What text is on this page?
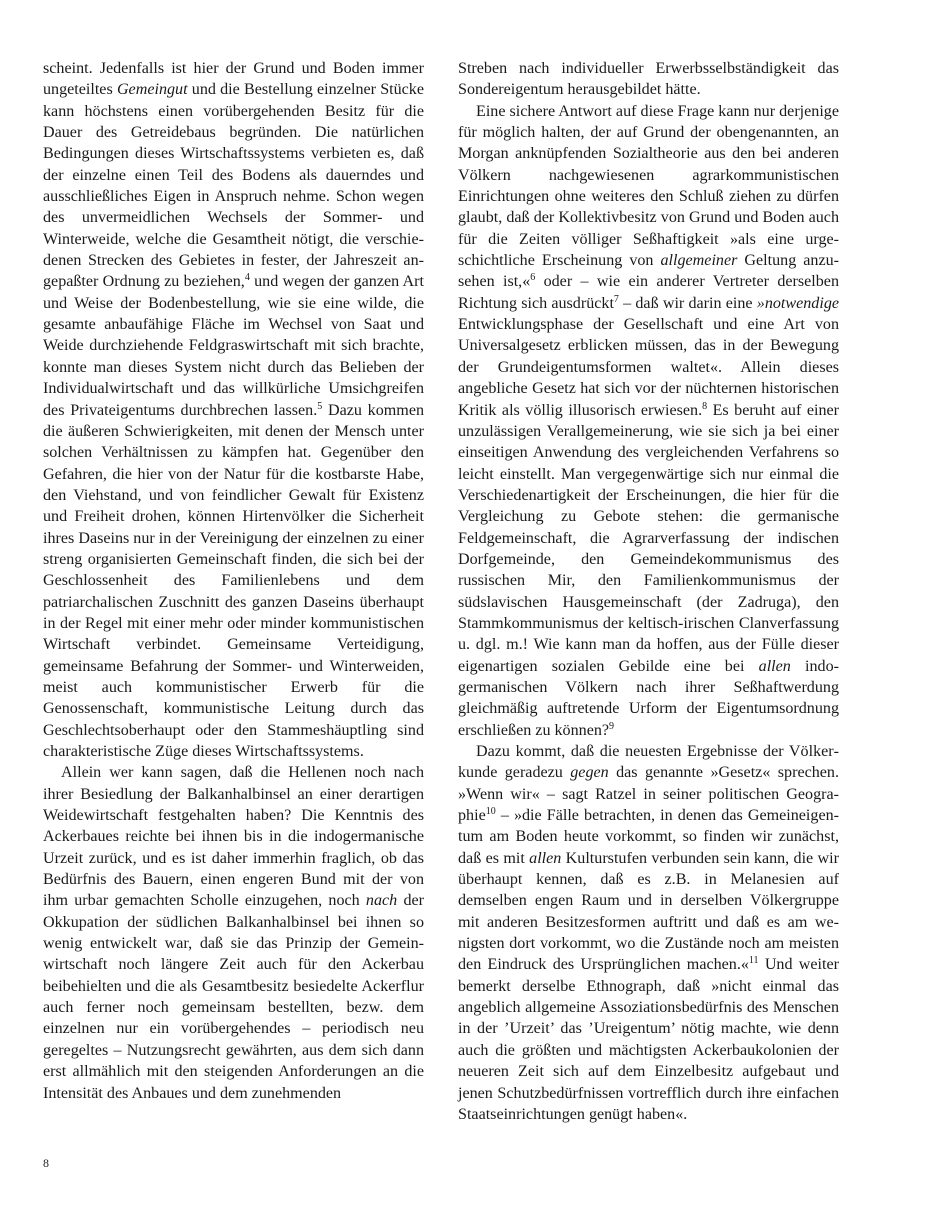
scheint. Jedenfalls ist hier der Grund und Boden immer ungeteiltes Gemeingut und die Bestellung einzelner Stücke kann höchstens einen vorübergehenden Besitz für die Dauer des Getreidebaus begründen. Die natürlichen Bedingungen dieses Wirtschaftssystems verbieten es, daß der einzelne einen Teil des Bodens als dauerndes und ausschließliches Eigen in Anspruch nehme. Schon wegen des unvermeidlichen Wechsels der Sommer- und Winterweide, welche die Gesamtheit nötigt, die verschiedenen Strecken des Gebietes in fester, der Jahreszeit angepaßter Ordnung zu beziehen,$^4$ und wegen der ganzen Art und Weise der Bodenbestellung, wie sie eine wilde, die gesamte anbaufähige Fläche im Wechsel von Saat und Weide durchziehende Feldgraswirtschaft mit sich brachte, konnte man dieses System nicht durch das Belieben der Individualwirtschaft und das willkürliche Umsichgreifen des Privateigentums durchbrechen lassen.$^5$ Dazu kommen die äußeren Schwierigkeiten, mit denen der Mensch unter solchen Verhältnissen zu kämpfen hat. Gegenüber den Gefahren, die hier von der Natur für die kostbarste Habe, den Viehstand, und von feindlicher Gewalt für Existenz und Freiheit drohen, können Hirtenvölker die Sicherheit ihres Daseins nur in der Vereinigung der einzelnen zu einer streng organisierten Gemeinschaft finden, die sich bei der Geschlossenheit des Familienlebens und dem patriarchalischen Zuschnitt des ganzen Daseins überhaupt in der Regel mit einer mehr oder minder kommunistischen Wirtschaft verbindet. Gemeinsame Verteidigung, gemeinsame Befahrung der Sommer- und Winterweiden, meist auch kommunistischer Erwerb für die Genossenschaft, kommunistische Leitung durch das Geschlechtsoberhaupt oder den Stammeshäuptling sind charakteristische Züge dieses Wirtschaftssystems.

Allein wer kann sagen, daß die Hellenen noch nach ihrer Besiedlung der Balkanhalbinsel an einer derartigen Weidewirtschaft festgehalten haben? Die Kenntnis des Ackerbaues reichte bei ihnen bis in die indogermanische Urzeit zurück, und es ist daher immerhin fraglich, ob das Bedürfnis des Bauern, einen engeren Bund mit der von ihm urbar gemachten Scholle einzugehen, noch nach der Okkupation der südlichen Balkanhalbinsel bei ihnen so wenig entwickelt war, daß sie das Prinzip der Gemeinwirtschaft noch längere Zeit auch für den Ackerbau beibehielten und die als Gesamtbesitz besiedelte Ackerflur auch ferner noch gemeinsam bestellten, bezw. dem einzelnen nur ein vorübergehendes – periodisch neu geregeltes – Nutzungsrecht gewährten, aus dem sich dann erst allmählich mit den steigenden Anforderungen an die Intensität des Anbaues und dem zunehmenden

Streben nach individueller Erwerbsselbständigkeit das Sondereigentum herausgebildet hätte.

Eine sichere Antwort auf diese Frage kann nur derjenige für möglich halten, der auf Grund der obengenannten, an Morgan anknüpfenden Sozialtheorie aus den bei anderen Völkern nachgewiesenen agrarkommunistischen Einrichtungen ohne weiteres den Schluß ziehen zu dürfen glaubt, daß der Kollektivbesitz von Grund und Boden auch für die Zeiten völliger Seßhaftigkeit »als eine urgeschichtliche Erscheinung von allgemeiner Geltung anzusehen ist,«$^6$ oder – wie ein anderer Vertreter derselben Richtung sich ausdrückt$^7$ – daß wir darin eine »notwendige Entwicklungsphase der Gesellschaft und eine Art von Universalgesetz erblicken müssen, das in der Bewegung der Grundeigentumsformen waltet«. Allein dieses angebliche Gesetz hat sich vor der nüchternen historischen Kritik als völlig illusorisch erwiesen.$^8$ Es beruht auf einer unzulässigen Verallgemeinerung, wie sie sich ja bei einer einseitigen Anwendung des vergleichenden Verfahrens so leicht einstellt. Man vergegenwärtige sich nur einmal die Verschiedenartigkeit der Erscheinungen, die hier für die Vergleichung zu Gebote stehen: die germanische Feldgemeinschaft, die Agrarverfassung der indischen Dorfgemeinde, den Gemeindekommunismus des russischen Mir, den Familienkommunismus der südslavischen Hausgemeinschaft (der Zadruga), den Stammkommunismus der keltisch-irischen Clanverfassung u. dgl. m.! Wie kann man da hoffen, aus der Fülle dieser eigenartigen sozialen Gebilde eine bei allen indogermanischen Völkern nach ihrer Seßhaftwerdung gleichmäßig auftretende Urform der Eigentumsordnung erschließen zu können?$^9$

Dazu kommt, daß die neuesten Ergebnisse der Völkerkunde geradezu gegen das genannte »Gesetz« sprechen. »Wenn wir« – sagt Ratzel in seiner politischen Geographie$^{10}$ – »die Fälle betrachten, in denen das Gemeineigentum am Boden heute vorkommt, so finden wir zunächst, daß es mit allen Kulturstufen verbunden sein kann, die wir überhaupt kennen, daß es z.B. in Melanesien auf demselben engen Raum und in derselben Völkergruppe mit anderen Besitzesformen auftritt und daß es am wenigsten dort vorkommt, wo die Zustände noch am meisten den Eindruck des Ursprünglichen machen.«$^{11}$ Und weiter bemerkt derselbe Ethnograph, daß »nicht einmal das angeblich allgemeine Assoziationsbedürfnis des Menschen in der ’Urzeit’ das ’Ureigentum’ nötig machte, wie denn auch die größten und mächtigsten Ackerbaukolonien der neueren Zeit sich auf dem Einzelbesitz aufgebaut und jenen Schutzbedürfnissen vortrefflich durch ihre einfachen Staatseinrichtungen genügt haben«.

8
